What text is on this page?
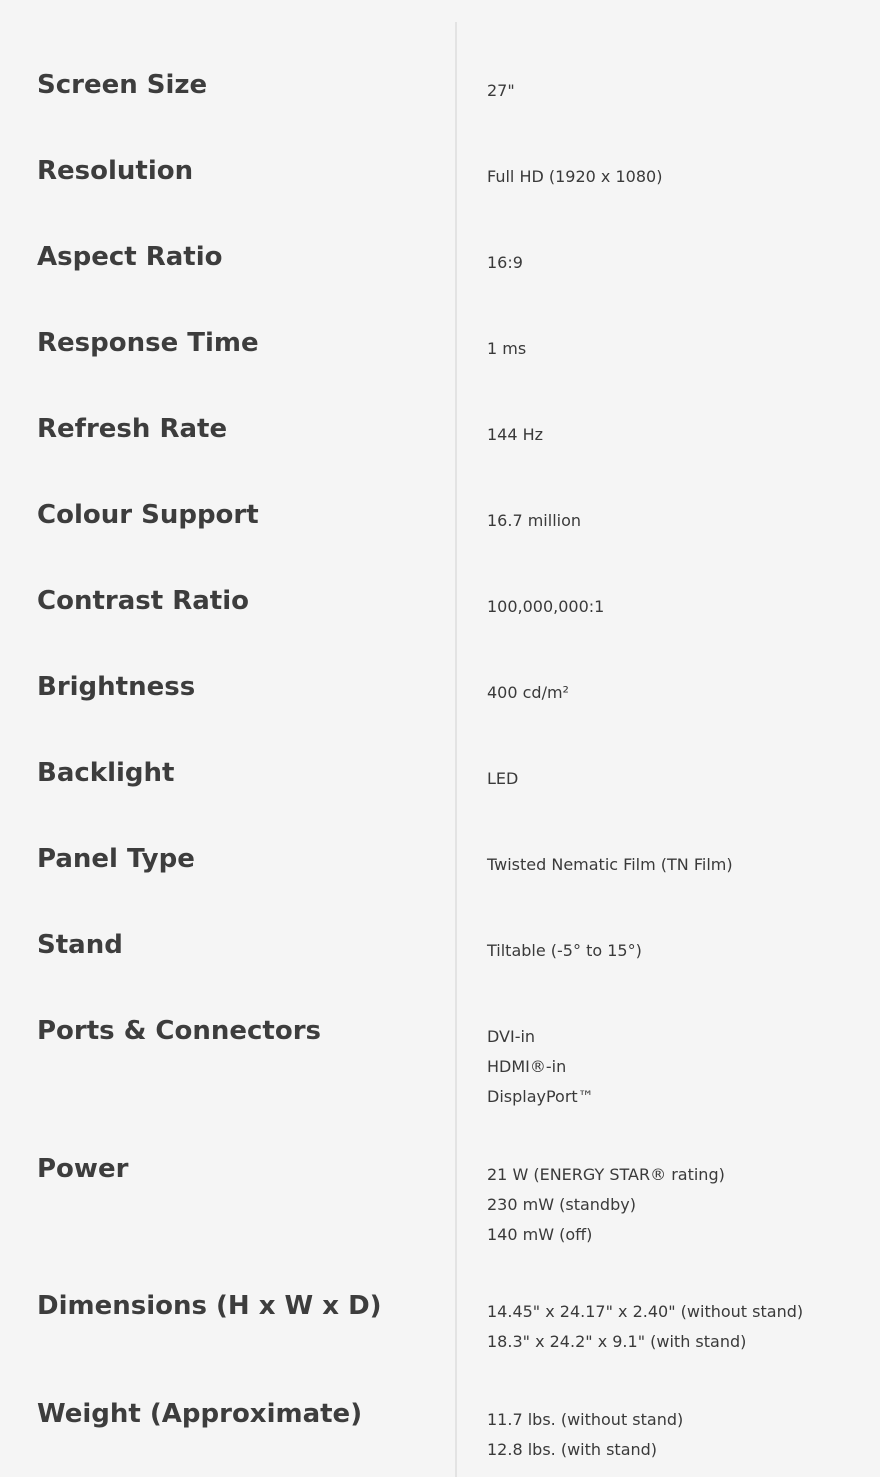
Screen Size	27"
Resolution	Full HD (1920 x 1080)
Aspect Ratio	16:9
Response Time	1 ms
Refresh Rate	144 Hz
Colour Support	16.7 million
Contrast Ratio	100,000,000:1
Brightness	400 cd/m²
Backlight	LED
Panel Type	Twisted Nematic Film (TN Film)
Stand	Tiltable (-5° to 15°)
Ports & Connectors	DVI-in
HDMI®-in
DisplayPort™
Power	21 W (ENERGY STAR® rating)
230 mW (standby)
140 mW (off)
Dimensions (H x W x D)	14.45" x 24.17" x 2.40" (without stand)
18.3" x 24.2" x 9.1" (with stand)
Weight (Approximate)	11.7 lbs. (without stand)
12.8 lbs. (with stand)
